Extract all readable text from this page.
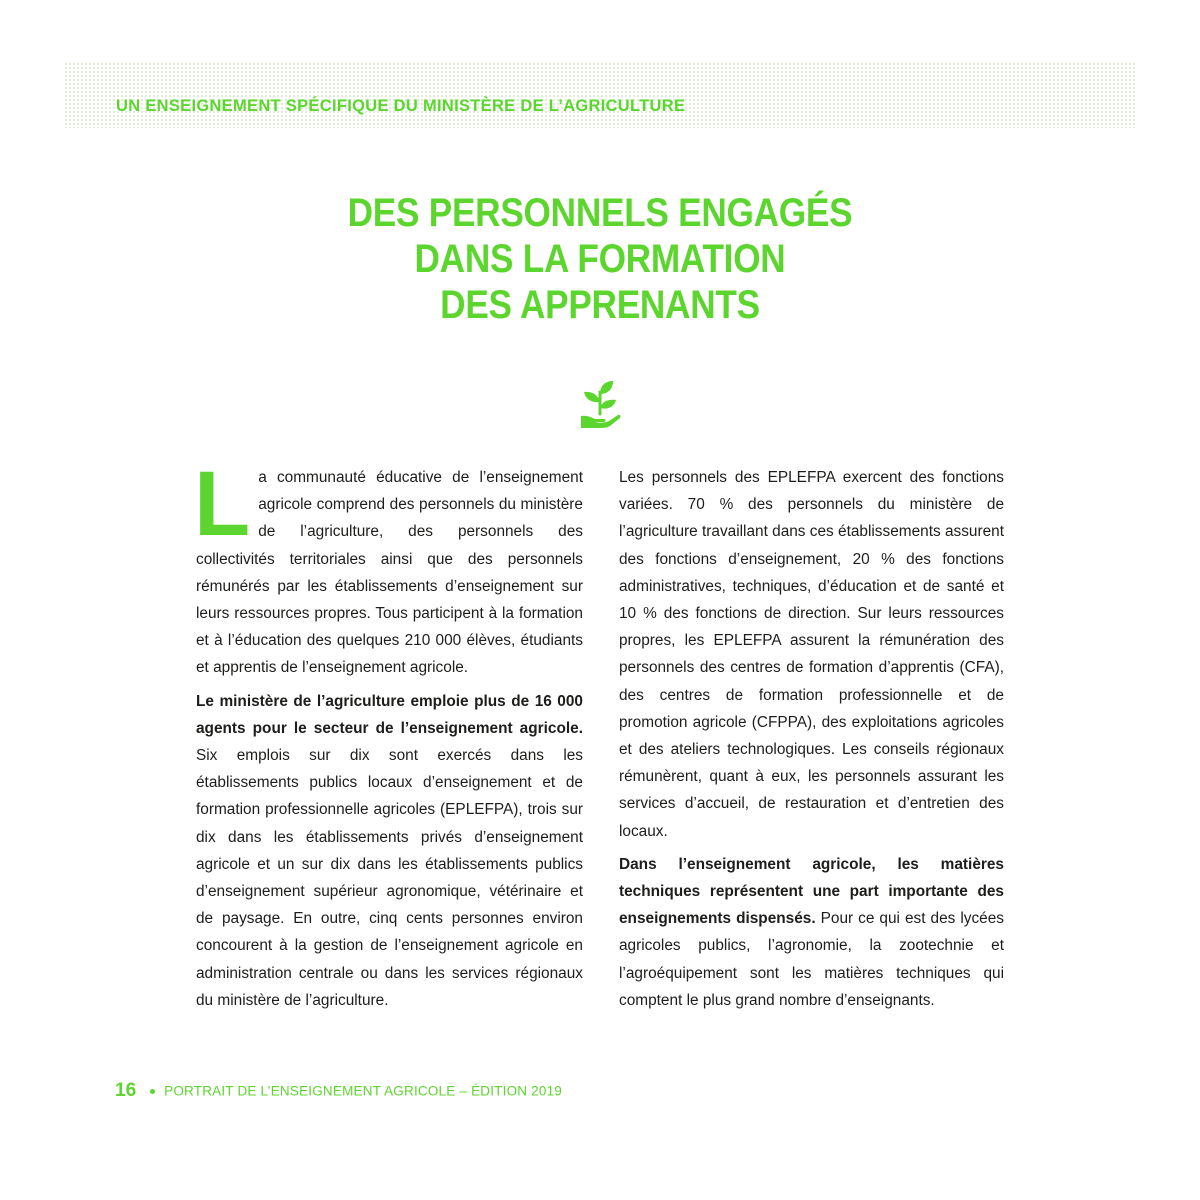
UN ENSEIGNEMENT SPÉCIFIQUE DU MINISTÈRE DE L’AGRICULTURE
DES PERSONNELS ENGAGÉS
DANS LA FORMATION
DES APPRENANTS

La communauté éducative de l’enseignement agricole comprend des personnels du ministère de l’agriculture, des personnels des collectivités territoriales ainsi que des personnels rémunérés par les établissements d’enseignement sur leurs ressources propres. Tous participent à la formation et à l’éducation des quelques 210 000 élèves, étudiants et apprentis de l’enseignement agricole.

Le ministère de l’agriculture emploie plus de 16 000 agents pour le secteur de l’enseignement agricole. Six emplois sur dix sont exercés dans les établissements publics locaux d’enseignement et de formation professionnelle agricoles (EPLEFPA), trois sur dix dans les établissements privés d’enseignement agricole et un sur dix dans les établissements publics d’enseignement supérieur agronomique, vétérinaire et de paysage. En outre, cinq cents personnes environ concourent à la gestion de l’enseignement agricole en administration centrale ou dans les services régionaux du ministère de l’agriculture.

Les personnels des EPLEFPA exercent des fonctions variées. 70 % des personnels du ministère de l’agriculture travaillant dans ces établissements assurent des fonctions d’enseignement, 20 % des fonctions administratives, techniques, d’éducation et de santé et 10 % des fonctions de direction. Sur leurs ressources propres, les EPLEFPA assurent la rémunération des personnels des centres de formation d’apprentis (CFA), des centres de formation professionnelle et de promotion agricole (CFPPA), des exploitations agricoles et des ateliers technologiques. Les conseils régionaux rémunèrent, quant à eux, les personnels assurant les services d’accueil, de restauration et d’entretien des locaux.

Dans l’enseignement agricole, les matières techniques représentent une part importante des enseignements dispensés. Pour ce qui est des lycées agricoles publics, l’agronomie, la zootechnie et l’agroéquipement sont les matières techniques qui comptent le plus grand nombre d’enseignants.

16 PORTRAIT DE L’ENSEIGNEMENT AGRICOLE – ÉDITION 2019
